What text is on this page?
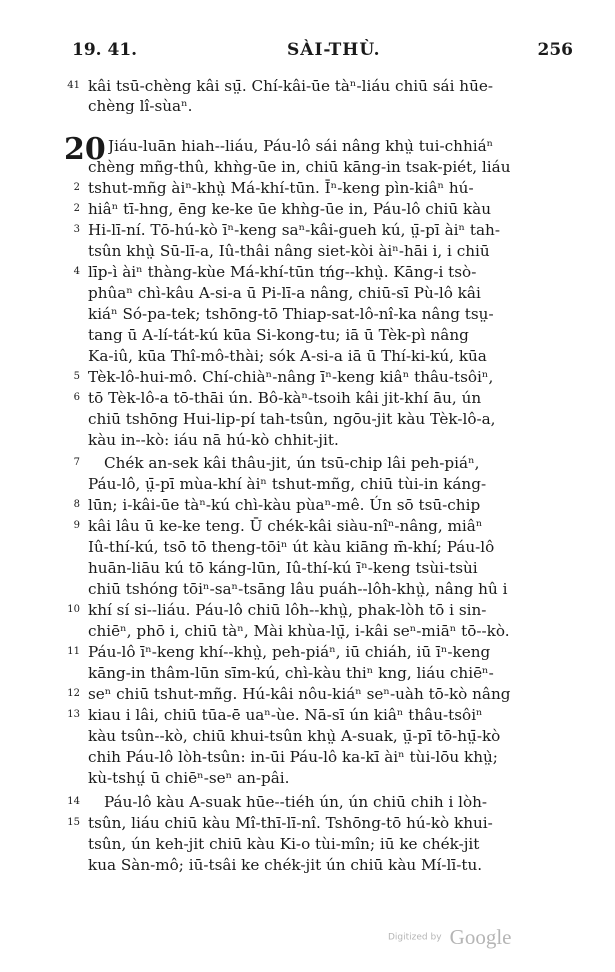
19. 41.	SÀI-THÙ.	256
20
41 kâi tsū-chèng kâi sṳ̄. Chí-kâi-ūe tàⁿ-liáu chiū sái hūe-
chèng lî-sùaⁿ.
Jiáu-luān hiah--liáu, Páu-lô sái nâng khṳ̀ tui-chhiáⁿ
chèng mñg-thû, khǹg-ūe in, chiū kāng-in tsak-piét, liáu
2 tshut-mñg àiⁿ-khṳ̀ Má-khí-tūn. Īⁿ-keng pìn-kiâⁿ hú-
2 hiâⁿ tī-hng, ēng ke-ke ūe khǹg-ūe in, Páu-lô chiū kàu
3 Hi-lī-ní. Tō-hú-kò īⁿ-keng saⁿ-kâi-gueh kú, ṳ̄-pī àiⁿ tah-
tsûn khṳ̀ Sū-lī-a, Iû-thâi nâng siet-kòi àiⁿ-hāi i, i chiū
4 līp-ì àiⁿ thàng-kùe Má-khí-tūn tńg--khṳ̀. Kāng-i tsò-
phûaⁿ chì-kâu A-si-a ū Pi-lī-a nâng, chiū-sī Pù-lô kâi
kiáⁿ Só-pa-tek; tshōng-tō Thiap-sat-lô-nî-ka nâng tsṳ-
tang ū A-lí-tát-kú kūa Si-kong-tu; iā ū Tèk-pì nâng
Ka-iû, kūa Thî-mô-thài; sók A-si-a iā ū Thí-ki-kú, kūa
5 Tèk-lô-hui-mô. Chí-chiàⁿ-nâng īⁿ-keng kiâⁿ thâu-tsôiⁿ,
6 tō Tèk-lô-a tō-thāi ún. Bô-kàⁿ-tsoih kâi jit-khí āu, ún
chiū tshōng Hui-lip-pí tah-tsûn, ngōu-jit kàu Tèk-lô-a,
kàu in--kò: iáu nā hú-kò chhit-jit.
7 Chék an-sek kâi thâu-jit, ún tsū-chip lâi peh-piáⁿ,
Páu-lô, ṳ̄-pī mùa-khí àiⁿ tshut-mñg, chiū tùi-in káng-
8 lūn; i-kâi-ūe tàⁿ-kú chì-kàu pùaⁿ-mê. Ún sō tsū-chip
9 kâi lâu ū ke-ke teng. Ū chék-kâi siàu-nîⁿ-nâng, miâⁿ
Iû-thí-kú, tsō tō theng-tōiⁿ út kàu kiāng m̄-khí; Páu-lô
huān-liāu kú tō káng-lūn, Iû-thí-kú īⁿ-keng tsùi-tsùi
chiū tshóng tōiⁿ-saⁿ-tsāng lâu puáh--lôh-khṳ̀, nâng hû i
10 khí sí si--liáu. Páu-lô chiū lôh--khṳ̀, phak-lòh tō i sin-
chiēⁿ, phō i, chiū tàⁿ, Mài khùa-lṳ̄, i-kâi seⁿ-miāⁿ tō--kò.
11 Páu-lô īⁿ-keng khí--khṳ̀, peh-piáⁿ, iū chiáh, iū īⁿ-keng
kāng-in thâm-lūn sīm-kú, chì-kàu thiⁿ kng, liáu chiēⁿ-
12 seⁿ chiū tshut-mñg. Hú-kâi nôu-kiáⁿ seⁿ-uàh tō-kò nâng
13 kiau i lâi, chiū tūa-ē uaⁿ-ùe. Nā-sī ún kiâⁿ thâu-tsôiⁿ
kàu tsûn--kò, chiū khui-tsûn khṳ̀ A-suak, ṳ̄-pī tō-hṳ̄-kò
chih Páu-lô lòh-tsûn: in-ūi Páu-lô ka-kī àiⁿ tùi-lōu khṳ̀;
kù-tshṳ́ ū chiēⁿ-seⁿ an-pâi.
14 Páu-lô kàu A-suak hūe--tiéh ún, ún chiū chih i lòh-
15 tsûn, liáu chiū kàu Mî-thī-lī-nî. Tshōng-tō hú-kò khui-
tsûn, ún keh-jit chiū kàu Ki-o tùi-mîn; iū ke chék-jit
kua Sàn-mô; iū-tsâi ke chék-jit ún chiū kàu Mí-lī-tu.
Digitized by Google
